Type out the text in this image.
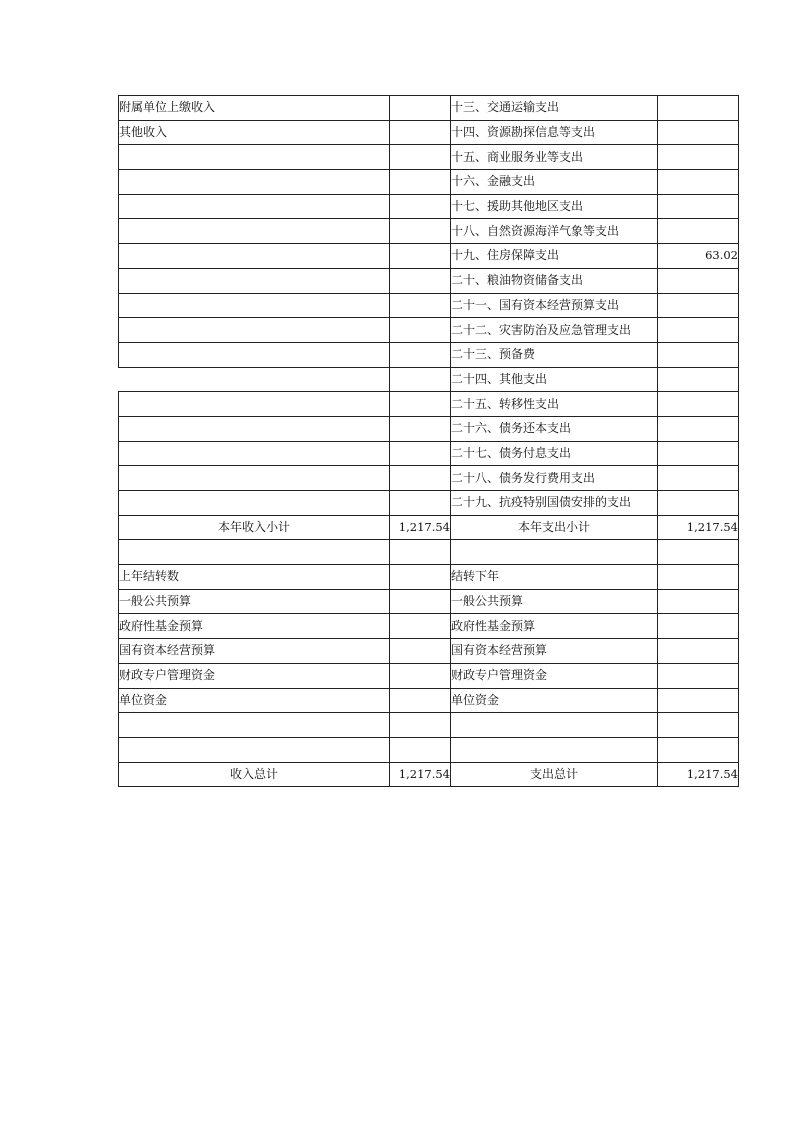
附属单位上缴收入		十三、交通运输支出	
其他收入		十四、资源勘探信息等支出	
		十五、商业服务业等支出	
		十六、金融支出	
		十七、援助其他地区支出	
		十八、自然资源海洋气象等支出	
		十九、住房保障支出	63.02
		二十、粮油物资储备支出	
		二十一、国有资本经营预算支出	
		二十二、灾害防治及应急管理支出	
		二十三、预备费	
		二十四、其他支出	
		二十五、转移性支出	
		二十六、债务还本支出	
		二十七、债务付息支出	
		二十八、债务发行费用支出	
		二十九、抗疫特别国债安排的支出	
本年收入小计	1,217.54	本年支出小计	1,217.54

上年结转数		结转下年	
一般公共预算		一般公共预算	
政府性基金预算		政府性基金预算	
国有资本经营预算		国有资本经营预算	
财政专户管理资金		财政专户管理资金	
单位资金		单位资金	

收入总计	1,217.54	支出总计	1,217.54
